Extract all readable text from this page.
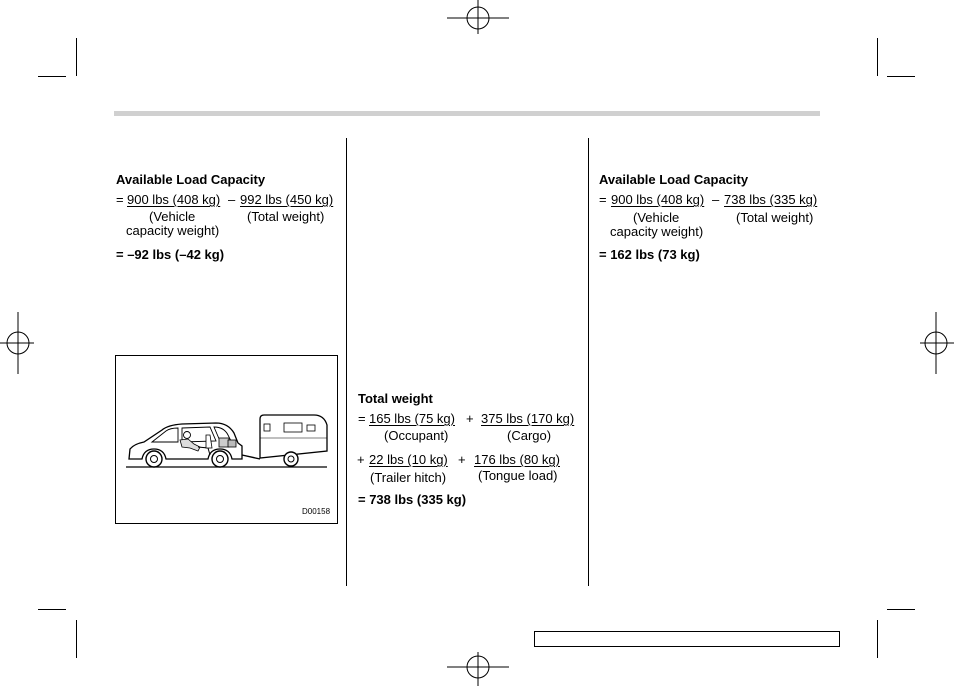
Available Load Capacity
= 900 lbs (408 kg) – 992 lbs (450 kg)
(Vehicle
capacity weight)
(Total weight)
= –92 lbs (–42 kg)
D00158
Total weight
= 165 lbs (75 kg) + 375 lbs (170 kg)
(Occupant)	(Cargo)
+ 22 lbs (10 kg) + 176 lbs (80 kg)
(Trailer hitch) (Tongue load)
= 738 lbs (335 kg)
Available Load Capacity
= 900 lbs (408 kg) – 738 lbs (335 kg)
(Vehicle
capacity weight)
(Total weight)
= 162 lbs (73 kg)
